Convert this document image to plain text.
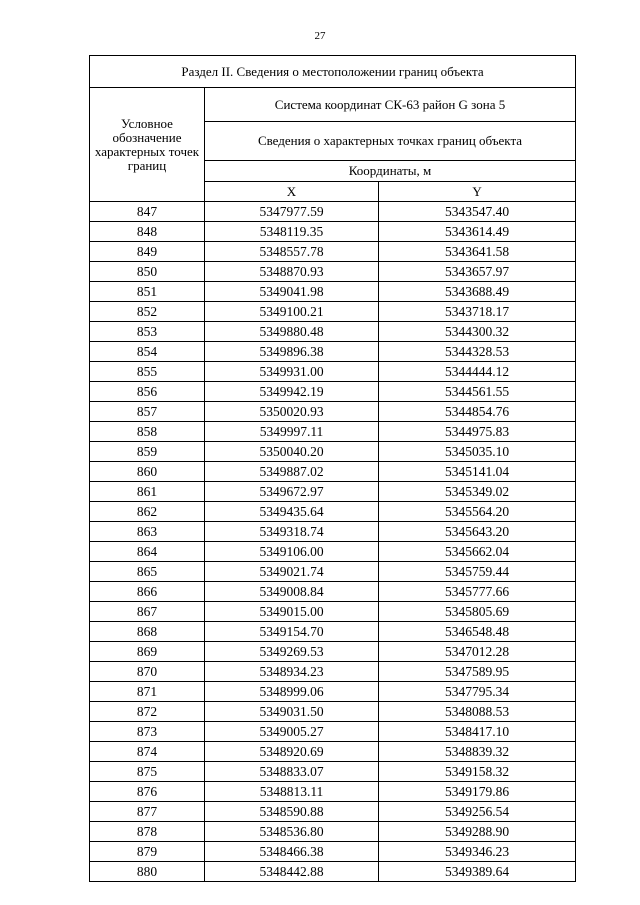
27
Раздел II. Сведения о местоположении границ объекта		
Условное обозначение характерных точек границ	Система координат СК-63 район G зона 5	
	Сведения о характерных точках границ объекта	
	Координаты, м	
	X	Y
847	5347977.59	5343547.40
848	5348119.35	5343614.49
849	5348557.78	5343641.58
850	5348870.93	5343657.97
851	5349041.98	5343688.49
852	5349100.21	5343718.17
853	5349880.48	5344300.32
854	5349896.38	5344328.53
855	5349931.00	5344444.12
856	5349942.19	5344561.55
857	5350020.93	5344854.76
858	5349997.11	5344975.83
859	5350040.20	5345035.10
860	5349887.02	5345141.04
861	5349672.97	5345349.02
862	5349435.64	5345564.20
863	5349318.74	5345643.20
864	5349106.00	5345662.04
865	5349021.74	5345759.44
866	5349008.84	5345777.66
867	5349015.00	5345805.69
868	5349154.70	5346548.48
869	5349269.53	5347012.28
870	5348934.23	5347589.95
871	5348999.06	5347795.34
872	5349031.50	5348088.53
873	5349005.27	5348417.10
874	5348920.69	5348839.32
875	5348833.07	5349158.32
876	5348813.11	5349179.86
877	5348590.88	5349256.54
878	5348536.80	5349288.90
879	5348466.38	5349346.23
880	5348442.88	5349389.64
